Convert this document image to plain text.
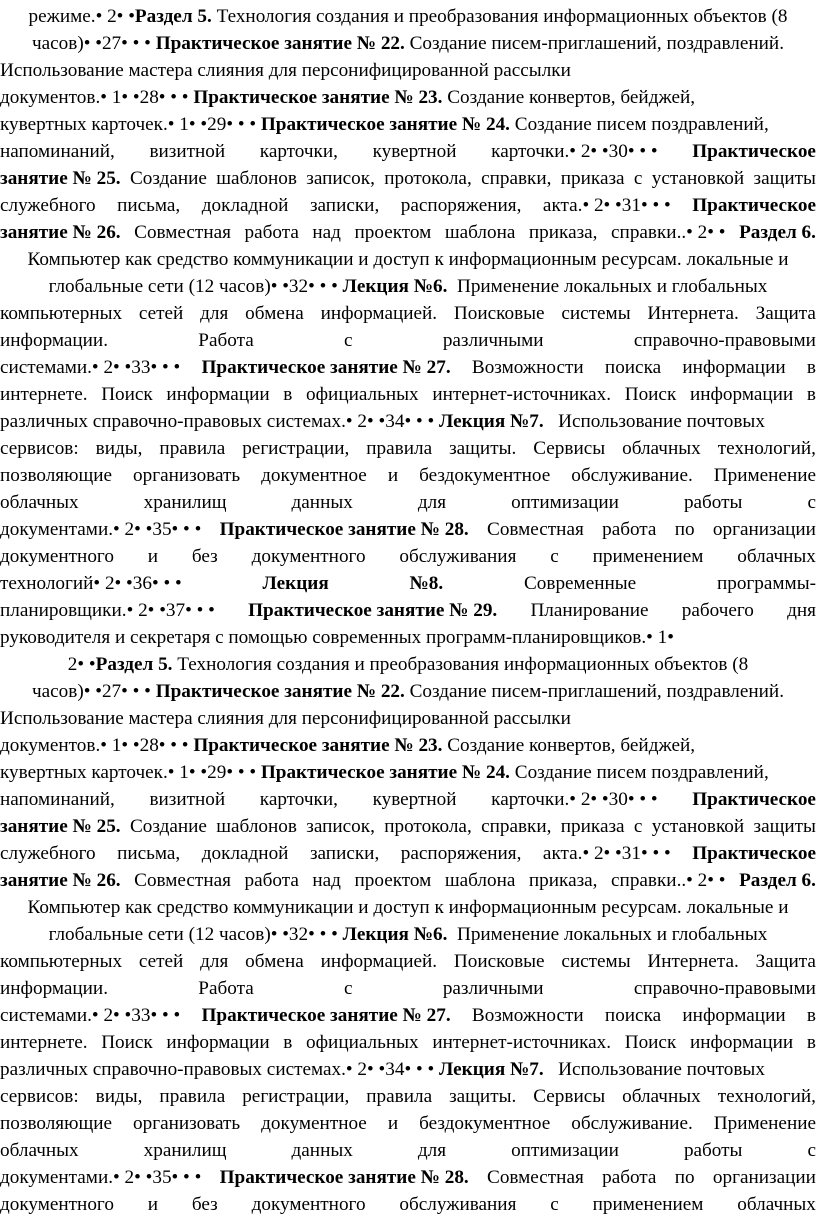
режиме.• 2• •Раздел 5. Технология создания и преобразования информационных объектов (8
часов)• •27• • • Практическое занятие № 22. Создание писем-приглашений, поздравлений.
Использование мастера слияния для персонифицированной рассылки
документов.• 1• •28• • • Практическое занятие № 23. Создание конвертов, бейджей,
кувертных карточек.• 1• •29• • • Практическое занятие № 24. Создание писем поздравлений,
напоминаний, визитной карточки, кувертной карточки.• 2• •30• • • Практическое
занятие № 25. Создание шаблонов записок, протокола, справки, приказа с установкой защиты
служебного письма, докладной записки, распоряжения, акта.• 2• •31• • • Практическое
занятие № 26. Совместная работа над проектом шаблона приказа, справки..• 2• • Раздел 6.
Компьютер как средство коммуникации и доступ к информационным ресурсам. локальные и
глобальные сети (12 часов)• •32• • • Лекция №6.  Применение локальных и глобальных
компьютерных сетей для обмена информацией. Поисковые системы Интернета. Защита
информации.	Работа	с	различными	справочно-правовыми
системами.• 2• •33• • • Практическое занятие № 27. Возможности поиска информации в
интернете. Поиск информации в официальных интернет-источниках. Поиск информации в
различных справочно-правовых системах.• 2• •34• • • Лекция №7.   Использование почтовых
сервисов: виды, правила регистрации, правила защиты. Сервисы облачных технологий,
позволяющие организовать документное и бездокументное обслуживание. Применение
облачных	хранилищ	данных	для	оптимизации	работы	с
документами.• 2• •35• • • Практическое занятие № 28. Совместная работа по организации
документного и без документного обслуживания с применением облачных
технологий• 2• •36• • •	Лекция	№8.	Современные	программы-
планировщики.• 2• •37• • • Практическое занятие № 29. Планирование рабочего дня
руководителя и секретаря с помощью современных программ-планировщиков.• 1•
2• •Раздел 5. Технология создания и преобразования информационных объектов (8
часов)• •27• • • Практическое занятие № 22. Создание писем-приглашений, поздравлений.
Использование мастера слияния для персонифицированной рассылки
документов.• 1• •28• • • Практическое занятие № 23. Создание конвертов, бейджей,
кувертных карточек.• 1• •29• • • Практическое занятие № 24. Создание писем поздравлений,
напоминаний, визитной карточки, кувертной карточки.• 2• •30• • • Практическое
занятие № 25. Создание шаблонов записок, протокола, справки, приказа с установкой защиты
служебного письма, докладной записки, распоряжения, акта.• 2• •31• • • Практическое
занятие № 26. Совместная работа над проектом шаблона приказа, справки..• 2• • Раздел 6.
Компьютер как средство коммуникации и доступ к информационным ресурсам. локальные и
глобальные сети (12 часов)• •32• • • Лекция №6.  Применение локальных и глобальных
компьютерных сетей для обмена информацией. Поисковые системы Интернета. Защита
информации.	Работа	с	различными	справочно-правовыми
системами.• 2• •33• • • Практическое занятие № 27. Возможности поиска информации в
интернете. Поиск информации в официальных интернет-источниках. Поиск информации в
различных справочно-правовых системах.• 2• •34• • • Лекция №7.   Использование почтовых
сервисов: виды, правила регистрации, правила защиты. Сервисы облачных технологий,
позволяющие организовать документное и бездокументное обслуживание. Применение
облачных	хранилищ	данных	для	оптимизации	работы	с
документами.• 2• •35• • • Практическое занятие № 28. Совместная работа по организации
документного и без документного обслуживания с применением облачных
